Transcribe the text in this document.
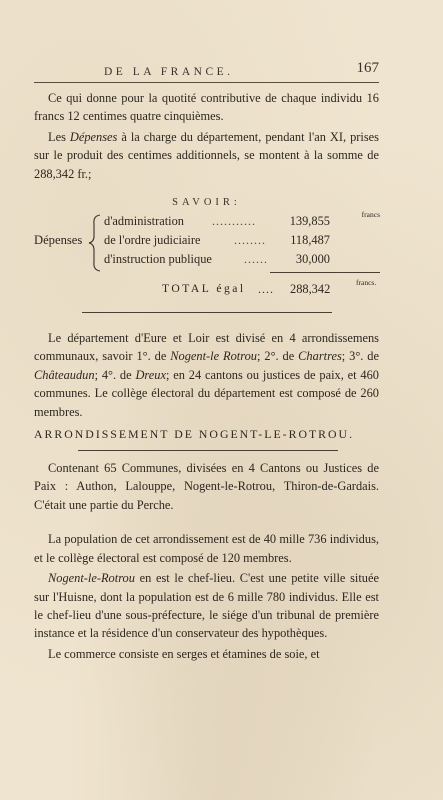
DE LA FRANCE.	167

Ce qui donne pour la quotité contributive de chaque individu 16 francs 12 centimes quatre cinquièmes.

Les Dépenses à la charge du département, pendant l'an XI, prises sur le produit des centimes additionnels, se montent à la somme de 288,342 fr.;

SAVOIR:
Dépenses
d'administration ...........	139,855	francs
de l'ordre judiciaire	........	118,487
d'instruction publique	......	30,000
TOTAL égal .... 288,342	francs.

Le département d'Eure et Loir est divisé en 4 arrondissemens communaux, savoir 1°. de Nogent-le Rotrou; 2°. de Chartres; 3°. de Châteaudun; 4°. de Dreux; en 24 cantons ou justices de paix, et 460 communes. Le collège électoral du département est composé de 260 membres.

ARRONDISSEMENT DE NOGENT-LE-ROTROU.

Contenant 65 Communes, divisées en 4 Cantons ou Justices de Paix : Authon, Lalouppe, Nogent-le-Rotrou, Thiron-de-Gardais. C'était une partie du Perche.

La population de cet arrondissement est de 40 mille 736 individus, et le collège électoral est composé de 120 membres.

Nogent-le-Rotrou en est le chef-lieu. C'est une petite ville située sur l'Huisne, dont la population est de 6 mille 780 individus. Elle est le chef-lieu d'une sous-préfecture, le siége d'un tribunal de première instance et la résidence d'un conservateur des hypothèques.

Le commerce consiste en serges et étamines de soie, et
